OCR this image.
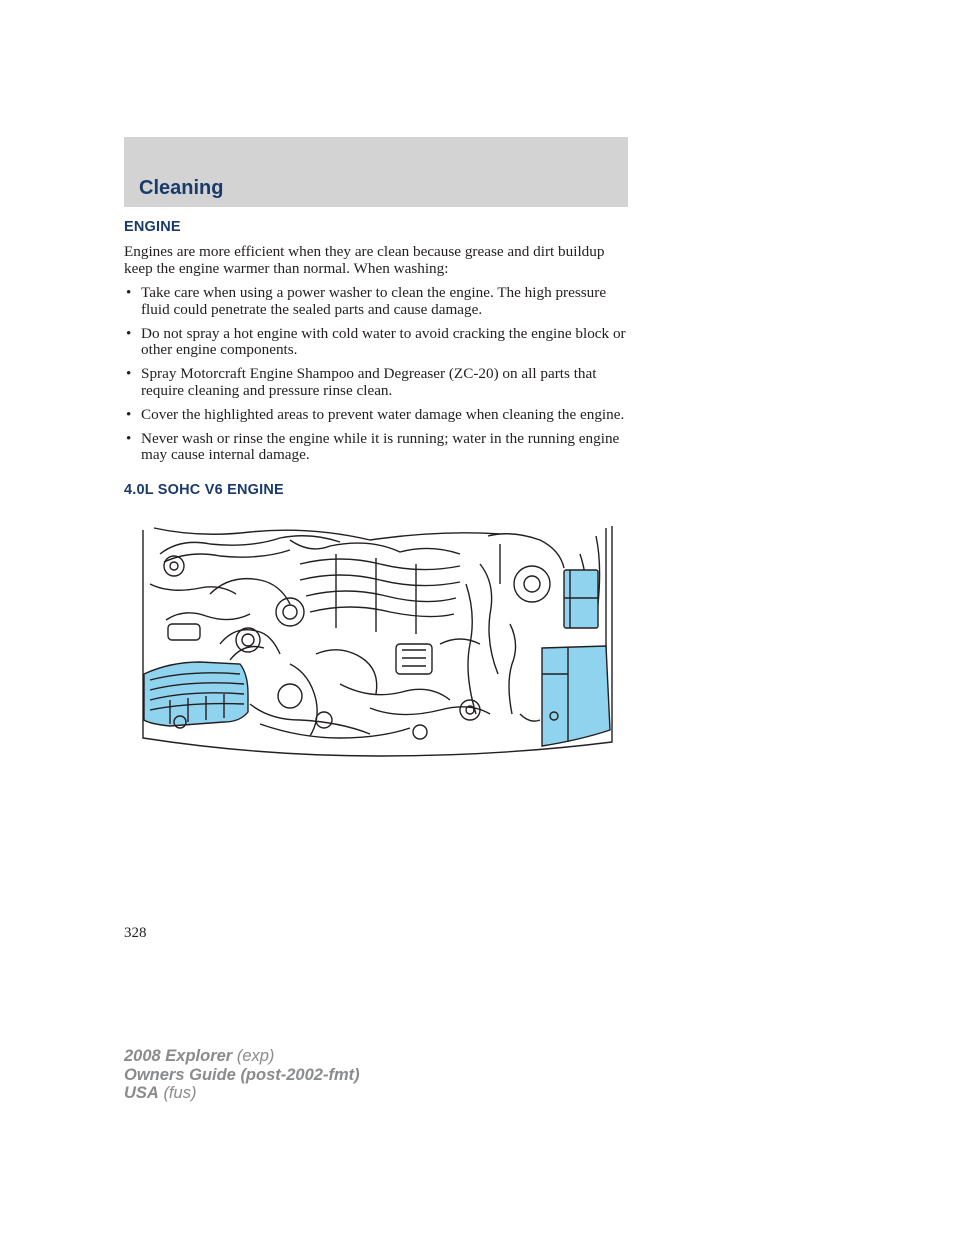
Cleaning
ENGINE

Engines are more efficient when they are clean because grease and dirt buildup keep the engine warmer than normal. When washing:

• Take care when using a power washer to clean the engine. The high pressure fluid could penetrate the sealed parts and cause damage.
• Do not spray a hot engine with cold water to avoid cracking the engine block or other engine components.
• Spray Motorcraft Engine Shampoo and Degreaser (ZC-20) on all parts that require cleaning and pressure rinse clean.
• Cover the highlighted areas to prevent water damage when cleaning the engine.
• Never wash or rinse the engine while it is running; water in the running engine may cause internal damage.
4.0L SOHC V6 ENGINE
328
2008 Explorer (exp)
Owners Guide (post-2002-fmt)
USA (fus)
